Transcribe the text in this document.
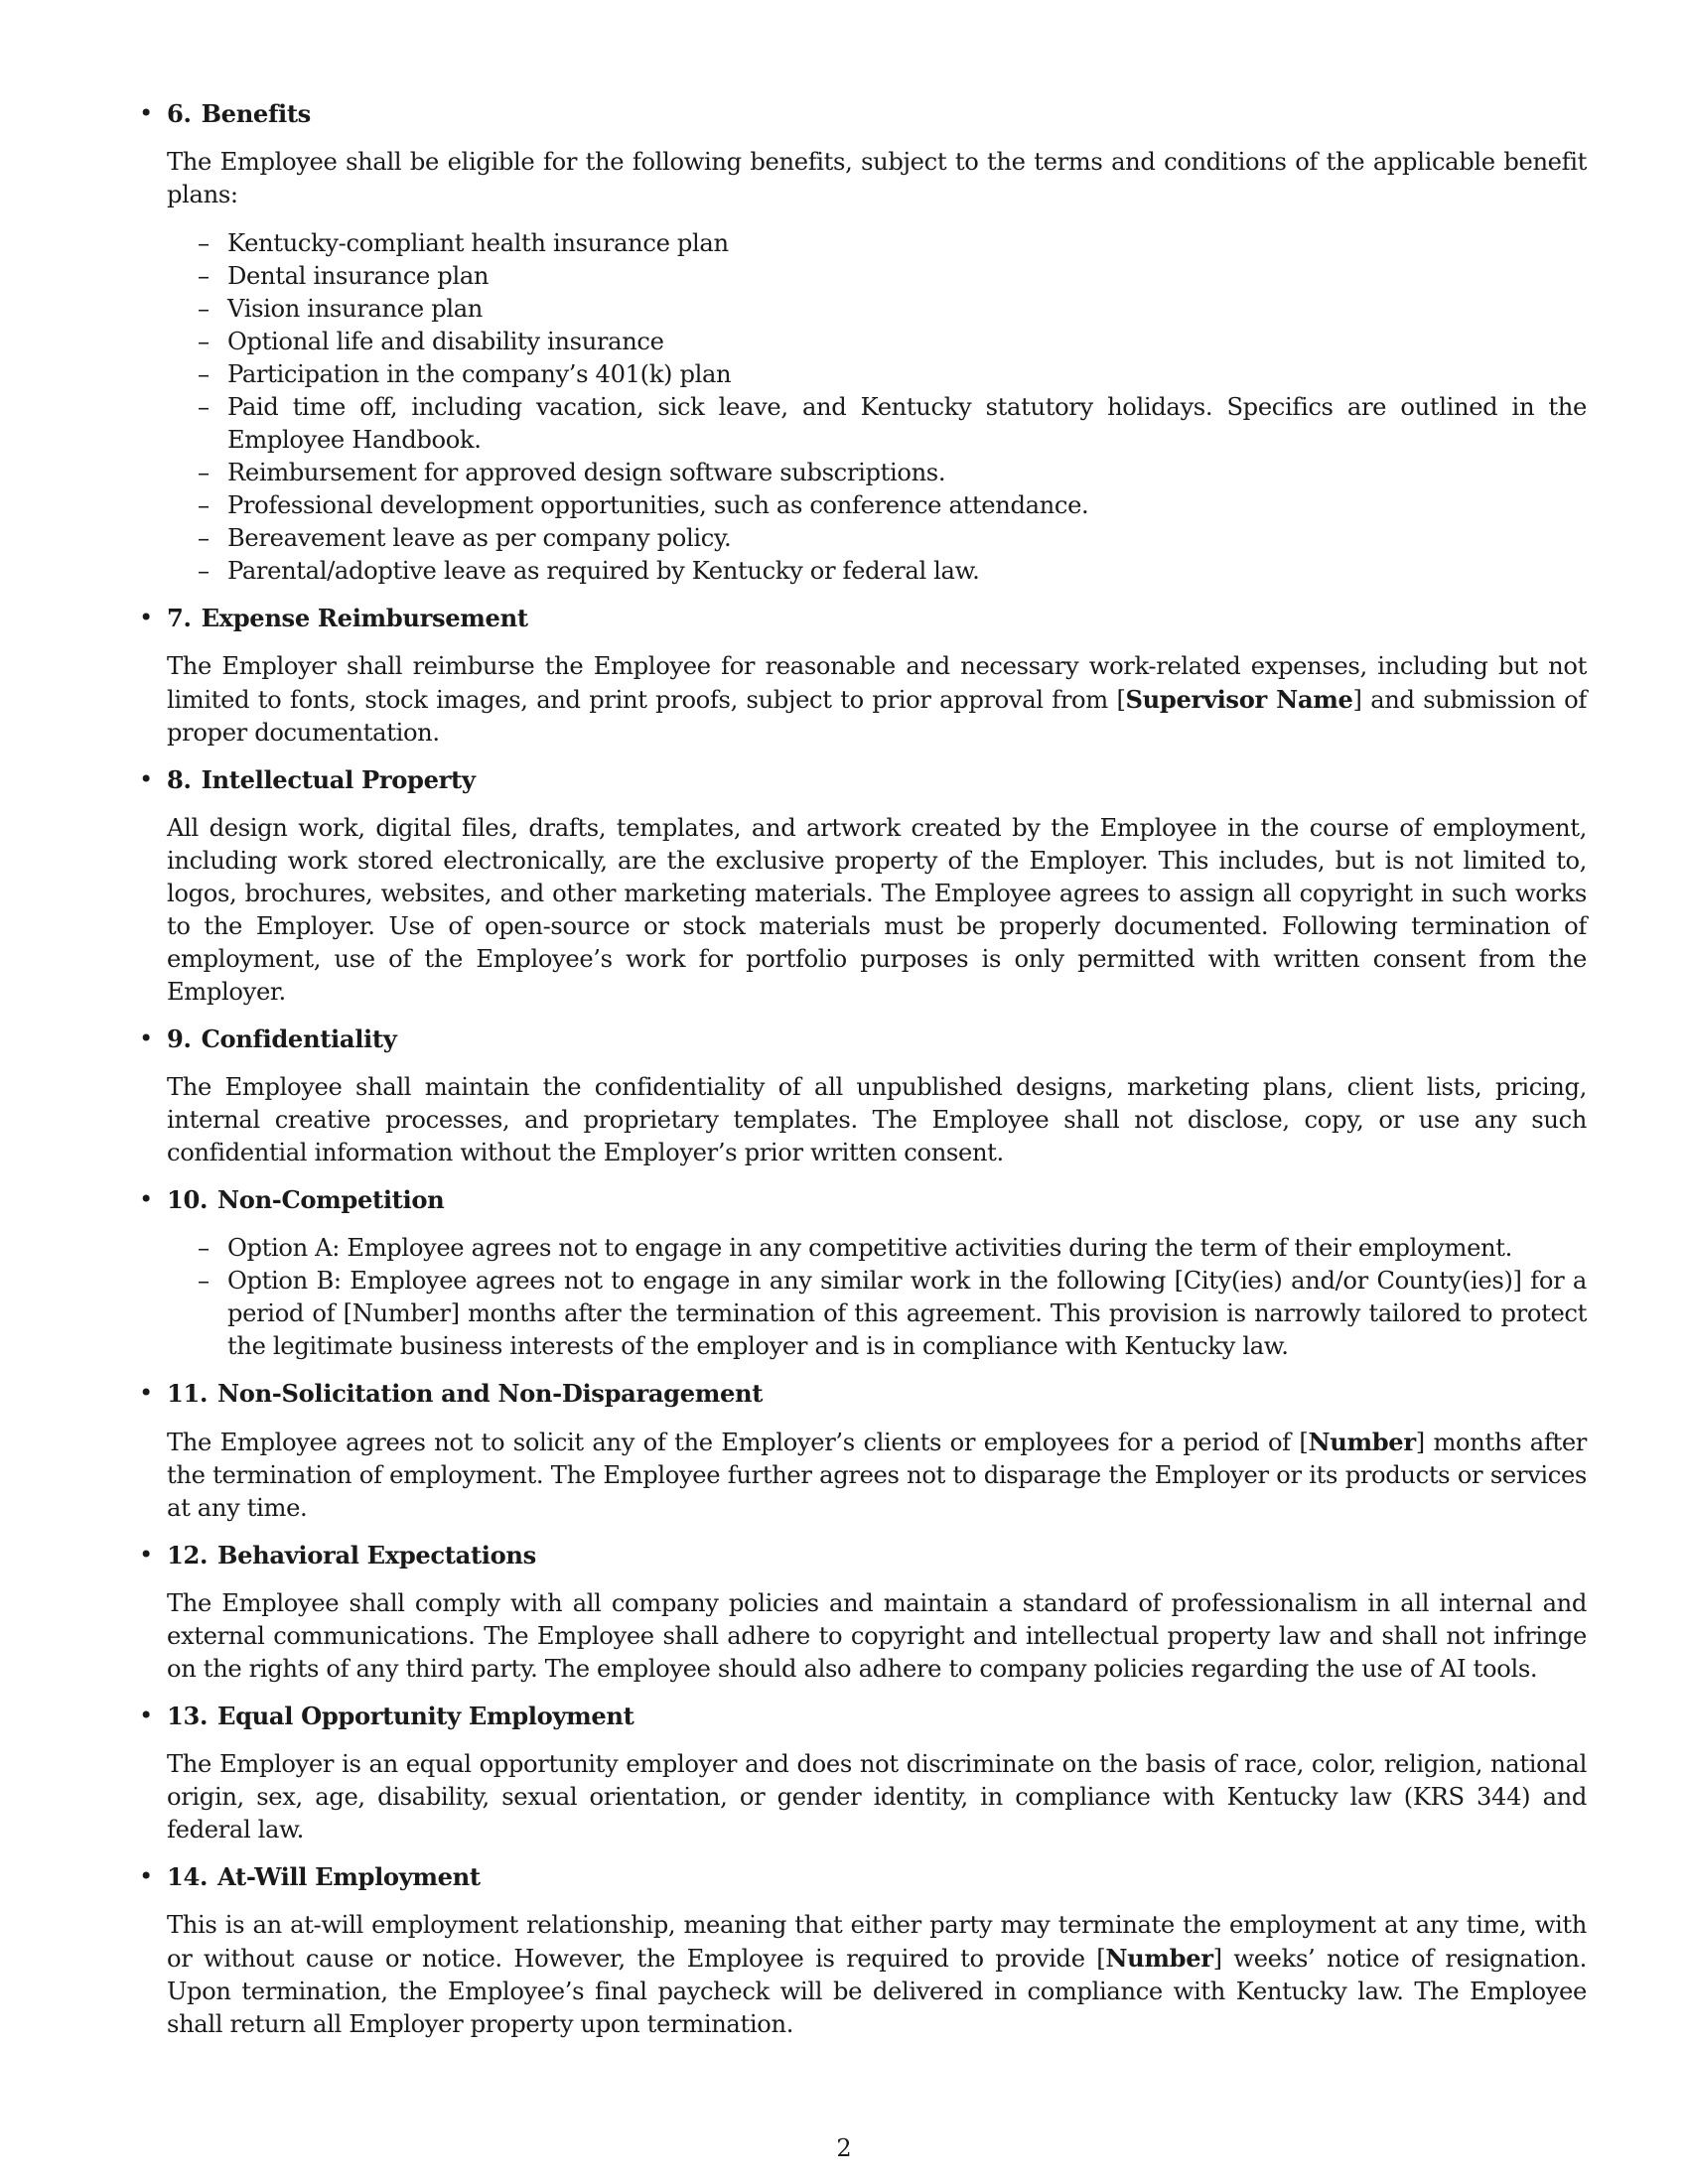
• 6. Benefits

The Employee shall be eligible for the following benefits, subject to the terms and conditions of the applicable benefit plans:

– Kentucky-compliant health insurance plan
– Dental insurance plan
– Vision insurance plan
– Optional life and disability insurance
– Participation in the company’s 401(k) plan
– Paid time off, including vacation, sick leave, and Kentucky statutory holidays. Specifics are outlined in the Employee Handbook.
– Reimbursement for approved design software subscriptions.
– Professional development opportunities, such as conference attendance.
– Bereavement leave as per company policy.
– Parental/adoptive leave as required by Kentucky or federal law.
• 7. Expense Reimbursement

The Employer shall reimburse the Employee for reasonable and necessary work-related expenses, including but not limited to fonts, stock images, and print proofs, subject to prior approval from [Supervisor Name] and submission of proper documentation.

• 8. Intellectual Property

All design work, digital files, drafts, templates, and artwork created by the Employee in the course of employment, including work stored electronically, are the exclusive property of the Employer. This includes, but is not limited to, logos, brochures, websites, and other marketing materials. The Employee agrees to assign all copyright in such works to the Employer. Use of open-source or stock materials must be properly documented. Following termination of employment, use of the Employee’s work for portfolio purposes is only permitted with written consent from the Employer.

• 9. Confidentiality

The Employee shall maintain the confidentiality of all unpublished designs, marketing plans, client lists, pricing, internal creative processes, and proprietary templates. The Employee shall not disclose, copy, or use any such confidential information without the Employer’s prior written consent.

• 10. Non-Competition
– Option A: Employee agrees not to engage in any competitive activities during the term of their employment.
– Option B: Employee agrees not to engage in any similar work in the following [City(ies) and/or County(ies)] for a period of [Number] months after the termination of this agreement. This provision is narrowly tailored to protect the legitimate business interests of the employer and is in compliance with Kentucky law.
• 11. Non-Solicitation and Non-Disparagement

The Employee agrees not to solicit any of the Employer’s clients or employees for a period of [Number] months after the termination of employment. The Employee further agrees not to disparage the Employer or its products or services at any time.

• 12. Behavioral Expectations

The Employee shall comply with all company policies and maintain a standard of professionalism in all internal and external communications. The Employee shall adhere to copyright and intellectual property law and shall not infringe on the rights of any third party. The employee should also adhere to company policies regarding the use of AI tools.

• 13. Equal Opportunity Employment

The Employer is an equal opportunity employer and does not discriminate on the basis of race, color, religion, national origin, sex, age, disability, sexual orientation, or gender identity, in compliance with Kentucky law (KRS 344) and federal law.

• 14. At-Will Employment

This is an at-will employment relationship, meaning that either party may terminate the employment at any time, with or without cause or notice. However, the Employee is required to provide [Number] weeks’ notice of resignation. Upon termination, the Employee’s final paycheck will be delivered in compliance with Kentucky law. The Employee shall return all Employer property upon termination.

2
